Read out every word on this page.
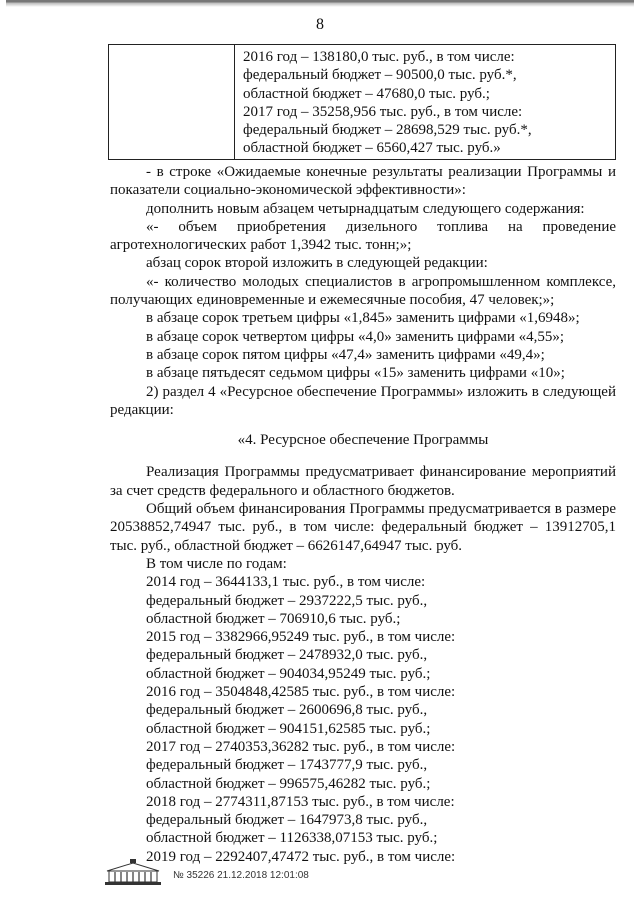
8
2016 год – 138180,0 тыс. руб., в том числе:
федеральный бюджет – 90500,0 тыс. руб.*,
областной бюджет – 47680,0 тыс. руб.;
2017 год – 35258,956 тыс. руб., в том числе:
федеральный бюджет – 28698,529 тыс. руб.*,
областной бюджет – 6560,427 тыс. руб.»
- в строке «Ожидаемые конечные результаты реализации Программы и показатели социально-экономической эффективности»:
дополнить новым абзацем четырнадцатым следующего содержания:
«- объем приобретения дизельного топлива на проведение агротехнологических работ 1,3942 тыс. тонн;»;
абзац сорок второй изложить в следующей редакции:
«- количество молодых специалистов в агропромышленном комплексе, получающих единовременные и ежемесячные пособия, 47 человек;»;
в абзаце сорок третьем цифры «1,845» заменить цифрами «1,6948»;
в абзаце сорок четвертом цифры «4,0» заменить цифрами «4,55»;
в абзаце сорок пятом цифры «47,4» заменить цифрами «49,4»;
в абзаце пятьдесят седьмом цифры «15» заменить цифрами «10»;
2) раздел 4 «Ресурсное обеспечение Программы» изложить в следующей редакции:
«4. Ресурсное обеспечение Программы
Реализация Программы предусматривает финансирование мероприятий за счет средств федерального и областного бюджетов.
Общий объем финансирования Программы предусматривается в размере 20538852,74947 тыс. руб., в том числе: федеральный бюджет – 13912705,1 тыс. руб., областной бюджет – 6626147,64947 тыс. руб.
В том числе по годам:
2014 год – 3644133,1 тыс. руб., в том числе:
федеральный бюджет – 2937222,5 тыс. руб.,
областной бюджет – 706910,6 тыс. руб.;
2015 год – 3382966,95249 тыс. руб., в том числе:
федеральный бюджет – 2478932,0 тыс. руб.,
областной бюджет – 904034,95249 тыс. руб.;
2016 год – 3504848,42585 тыс. руб., в том числе:
федеральный бюджет – 2600696,8 тыс. руб.,
областной бюджет – 904151,62585 тыс. руб.;
2017 год – 2740353,36282 тыс. руб., в том числе:
федеральный бюджет – 1743777,9 тыс. руб.,
областной бюджет – 996575,46282 тыс. руб.;
2018 год – 2774311,87153 тыс. руб., в том числе:
федеральный бюджет – 1647973,8 тыс. руб.,
областной бюджет – 1126338,07153 тыс. руб.;
2019 год – 2292407,47472 тыс. руб., в том числе:
№ 35226 21.12.2018 12:01:08
